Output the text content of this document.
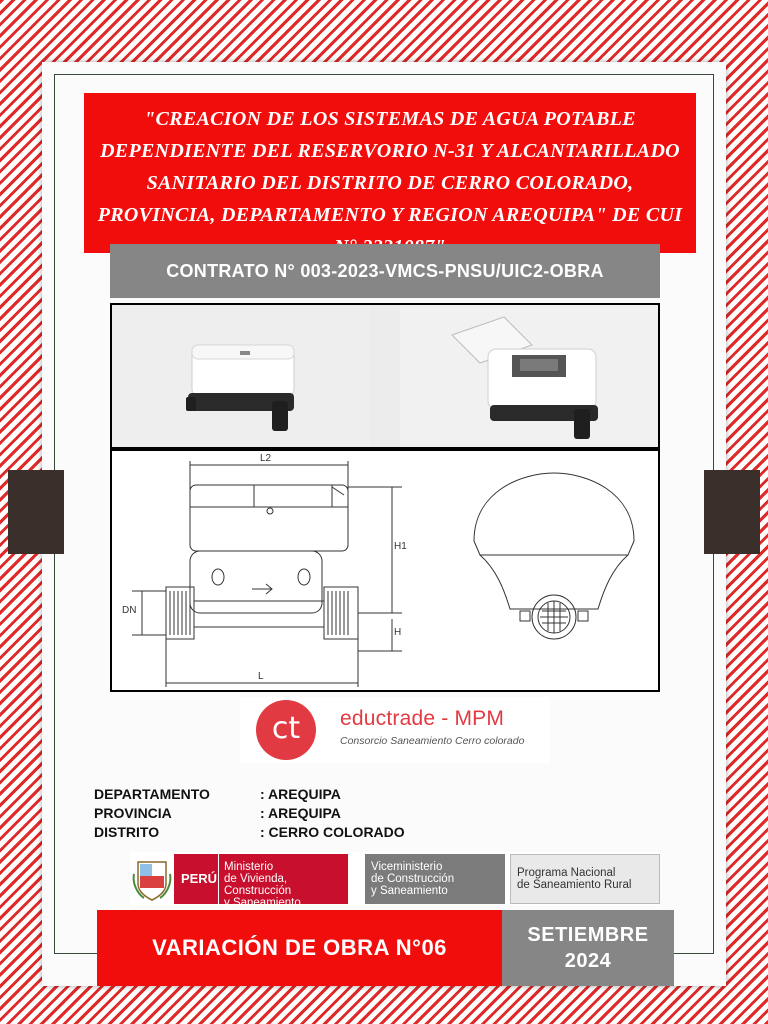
"CREACION DE LOS SISTEMAS DE AGUA POTABLE DEPENDIENTE DEL RESERVORIO N-31 Y ALCANTARILLADO SANITARIO DEL DISTRITO DE CERRO COLORADO, PROVINCIA, DEPARTAMENTO Y REGION AREQUIPA" DE CUI
CONTRATO N° 003-2023-VMCS-PNSU/UIC2-OBRA
L2
H1
DN
H
L
ct	eductrade - MPM
Consorcio Saneamiento Cerro colorado
DEPARTAMENTO	: AREQUIPA
PROVINCIA	: AREQUIPA
DISTRITO	: CERRO COLORADO
PERÚ
Ministerio
de Vivienda, Construcción
y Saneamiento
Viceministerio
de Construcción
y Saneamiento
Programa Nacional
de Saneamiento Rural
VARIACIÓN DE OBRA N°06	SETIEMBRE
2024
